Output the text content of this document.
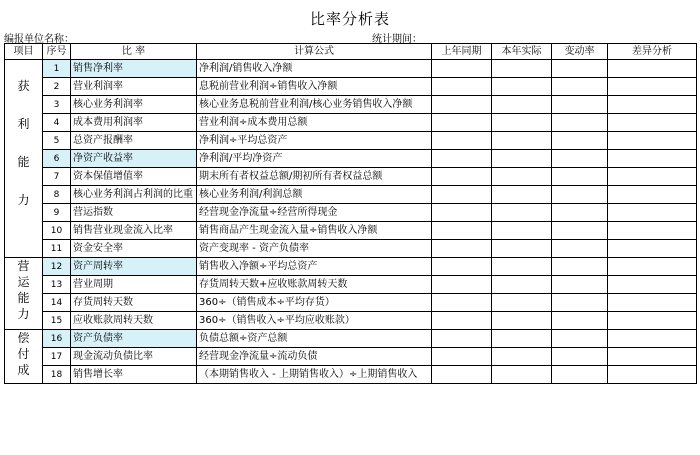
比率分析表
编报单位名称：	统计期间：
项目	序号	比 率	计算公式	上年同期	本年实际	变动率	差异分析

获
利
能
力	1	销售净利率	净利润/销售收入净额				
	2	营业利润率	息税前营业利润÷销售收入净额				
	3	核心业务利润率	核心业务息税前营业利润/核心业务销售收入净额				
	4	成本费用利润率	营业利润÷成本费用总额				
	5	总资产报酬率	净利润÷平均总资产				
	6	净资产收益率	净利润/平均净资产				
	7	资本保值增值率	期末所有者权益总额/期初所有者权益总额				
	8	核心业务利润占利润的比重	核心业务利润/利润总额				
	9	营运指数	经营现金净流量÷经营所得现金				
	10	销售营业现金流入比率	销售商品产生现金流入量÷销售收入净额				
	11	资金安全率	资产变现率 - 资产负债率				

营
运
能
力	12	资产周转率	销售收入净额÷平均总资产				
	13	营业周期	存货周转天数+应收账款周转天数				
	14	存货周转天数	360÷（销售成本÷平均存货）				
	15	应收账款周转天数	360÷（销售收入÷平均应收账款）				

偿
付
成	16	资产负债率	负债总额÷资产总额				
	17	现金流动负债比率	经营现金净流量÷流动负债				
	18	销售增长率	（本期销售收入 - 上期销售收入）÷上期销售收入				
